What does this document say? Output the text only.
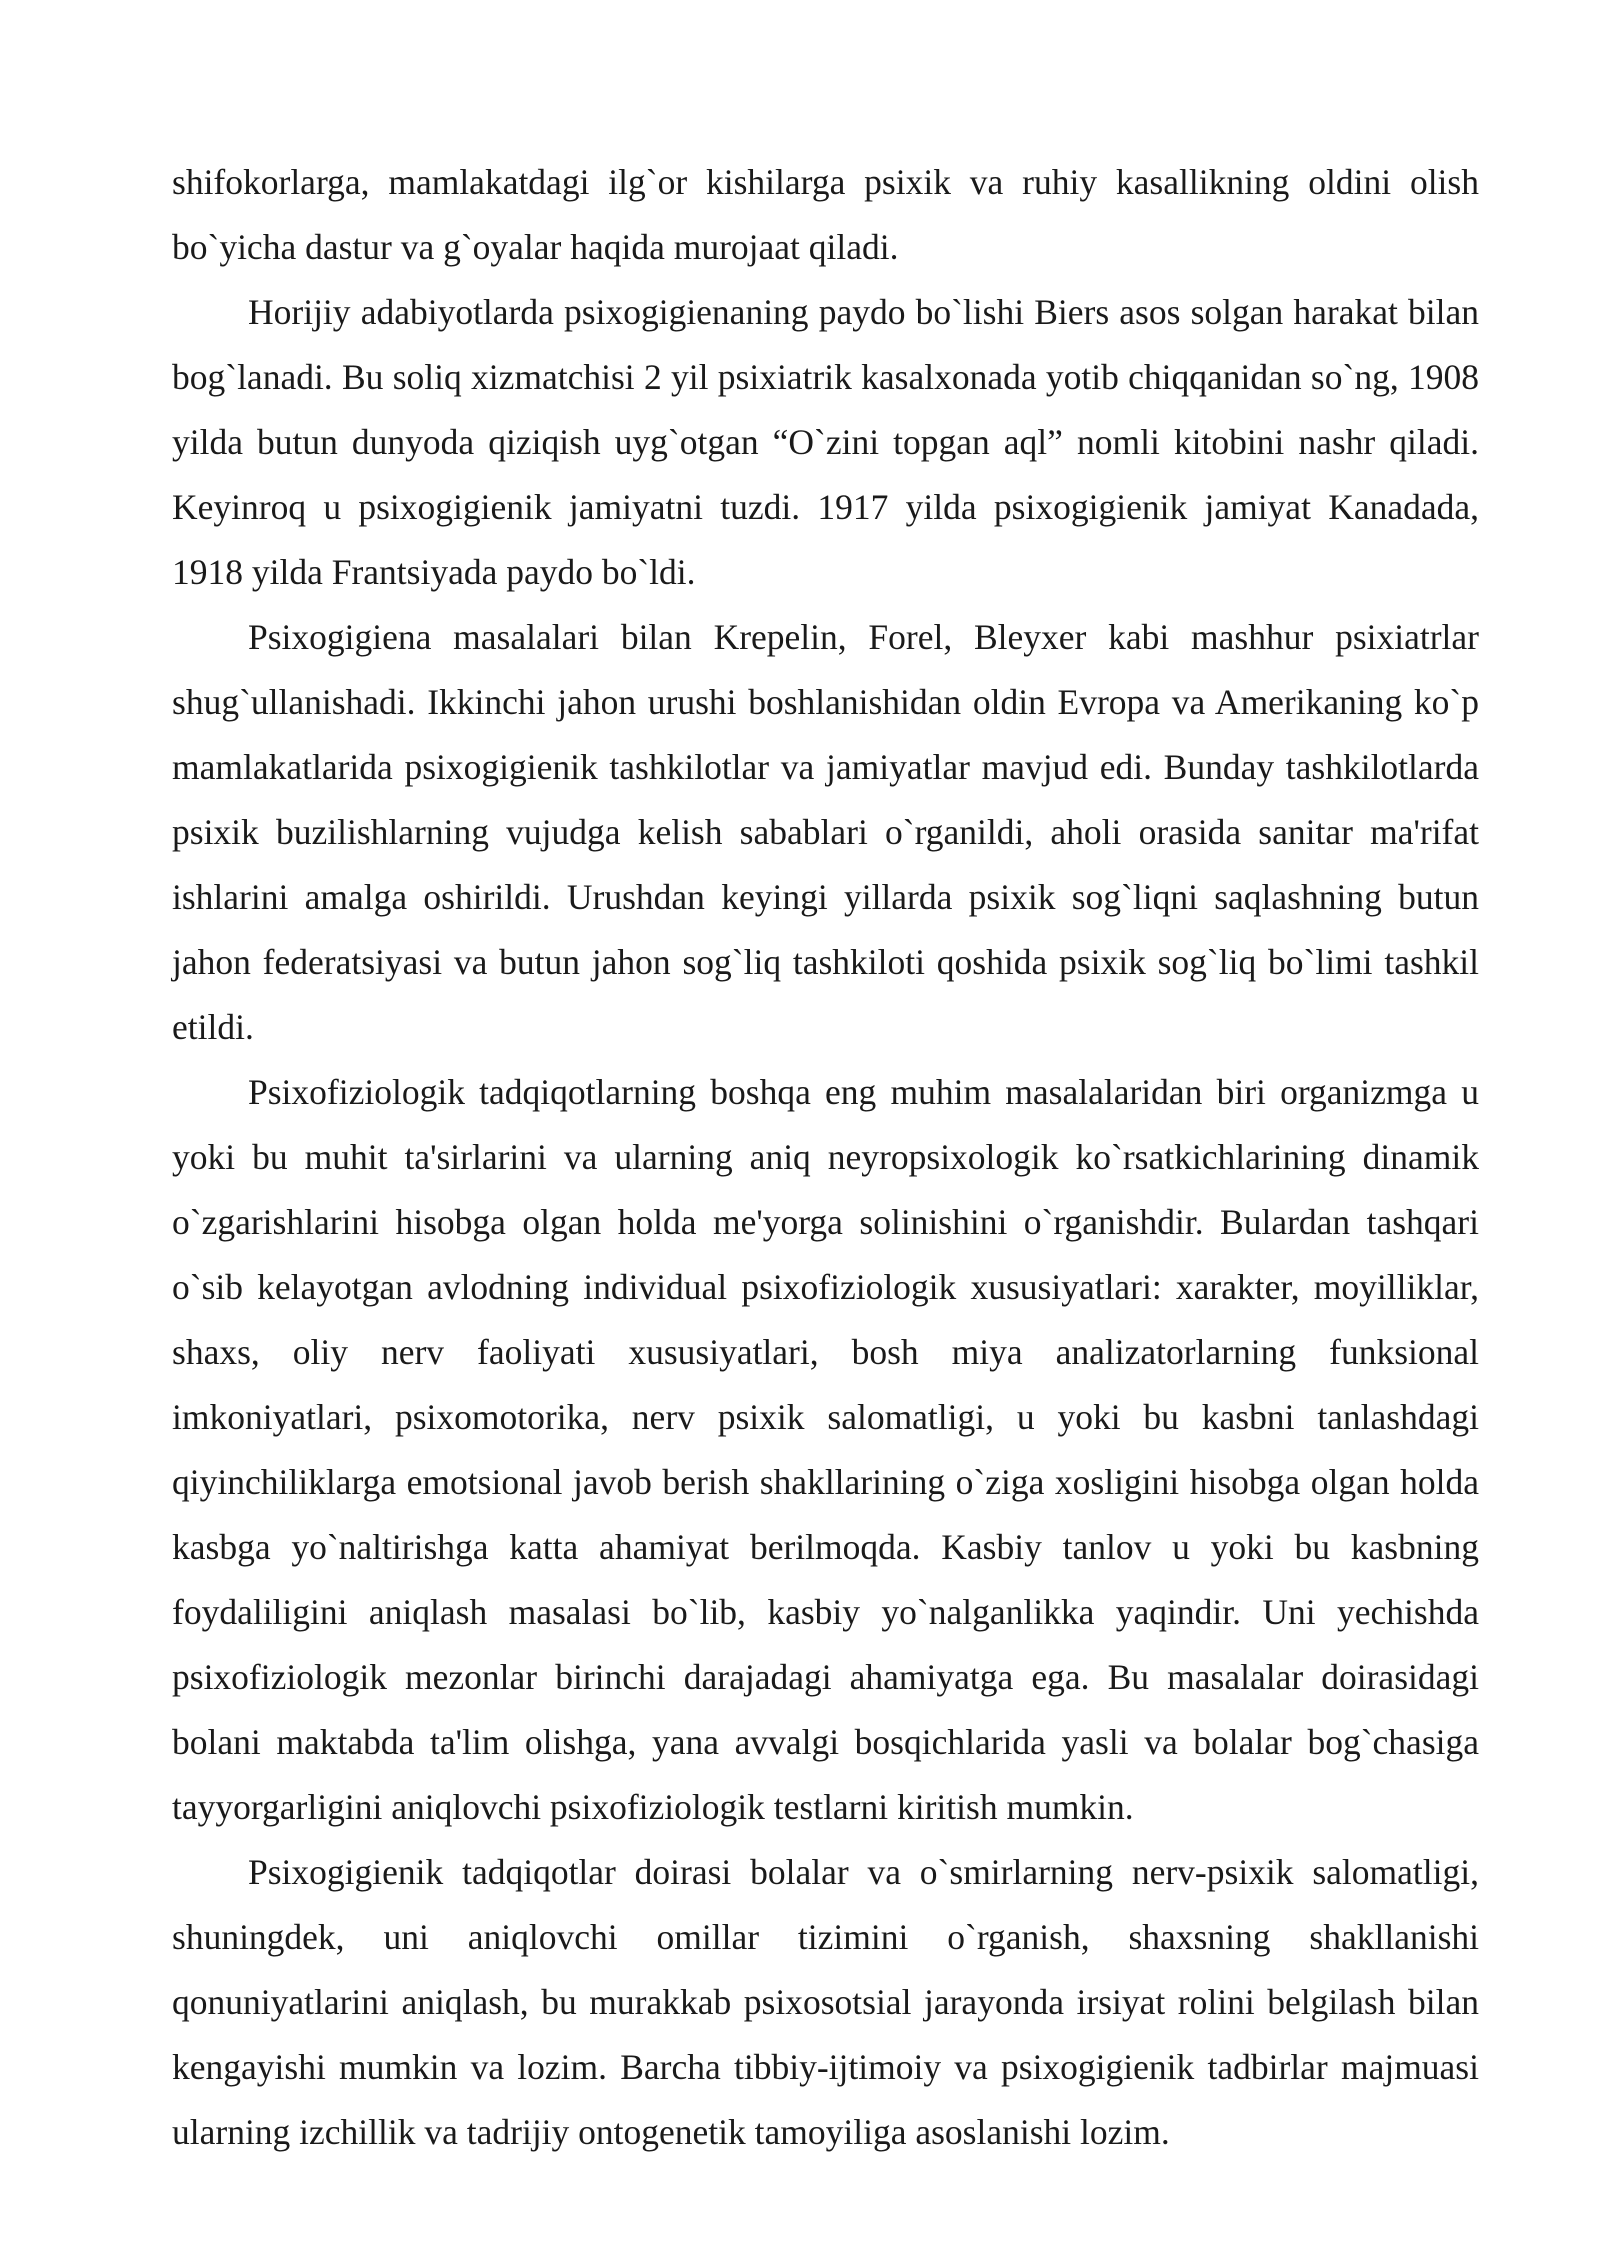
shifokorlarga, mamlakatdagi ilg`or kishilarga psixik va ruhiy kasallikning oldini olish bo`yicha dastur va g`oyalar haqida murojaat qiladi.

Horijiy adabiyotlarda psixogigienaning paydo bo`lishi Biers asos solgan harakat bilan bog`lanadi. Bu soliq xizmatchisi 2 yil psixiatrik kasalxonada yotib chiqqanidan so`ng, 1908 yilda butun dunyoda qiziqish uyg`otgan “O`zini topgan aql” nomli kitobini nashr qiladi. Keyinroq u psixogigienik jamiyatni tuzdi. 1917 yilda psixogigienik jamiyat Kanadada, 1918 yilda Frantsiyada paydo bo`ldi.

Psixogigiena masalalari bilan Krepelin, Forel, Bleyxer kabi mashhur psixiatrlar shug`ullanishadi. Ikkinchi jahon urushi boshlanishidan oldin Evropa va Amerikaning ko`p mamlakatlarida psixogigienik tashkilotlar va jamiyatlar mavjud edi. Bunday tashkilotlarda psixik buzilishlarning vujudga kelish sabablari o`rganildi, aholi orasida sanitar ma'rifat ishlarini amalga oshirildi. Urushdan keyingi yillarda psixik sog`liqni saqlashning butun jahon federatsiyasi va butun jahon sog`liq tashkiloti qoshida psixik sog`liq bo`limi tashkil etildi.

Psixofiziologik tadqiqotlarning boshqa eng muhim masalalaridan biri organizmga u yoki bu muhit ta'sirlarini va ularning aniq neyropsixologik ko`rsatkichlarining dinamik o`zgarishlarini hisobga olgan holda me'yorga solinishini o`rganishdir. Bulardan tashqari o`sib kelayotgan avlodning individual psixofiziologik xususiyatlari: xarakter, moyilliklar, shaxs, oliy nerv faoliyati xususiyatlari, bosh miya analizatorlarning funksional imkoniyatlari, psixomotorika, nerv psixik salomatligi, u yoki bu kasbni tanlashdagi qiyinchiliklarga emotsional javob berish shakllarining o`ziga xosligini hisobga olgan holda kasbga yo`naltirishga katta ahamiyat berilmoqda. Kasbiy tanlov u yoki bu kasbning foydaliligini aniqlash masalasi bo`lib, kasbiy yo`nalganlikka yaqindir. Uni yechishda psixofiziologik mezonlar birinchi darajadagi ahamiyatga ega. Bu masalalar doirasidagi bolani maktabda ta'lim olishga, yana avvalgi bosqichlarida yasli va bolalar bog`chasiga tayyorgarligini aniqlovchi psixofiziologik testlarni kiritish mumkin.

Psixogigienik tadqiqotlar doirasi bolalar va o`smirlarning nerv-psixik salomatligi, shuningdek, uni aniqlovchi omillar tizimini o`rganish, shaxsning shakllanishi qonuniyatlarini aniqlash, bu murakkab psixosotsial jarayonda irsiyat rolini belgilash bilan kengayishi mumkin va lozim. Barcha tibbiy-ijtimoiy va psixogigienik tadbirlar majmuasi ularning izchillik va tadrijiy ontogenetik tamoyiliga asoslanishi lozim.
